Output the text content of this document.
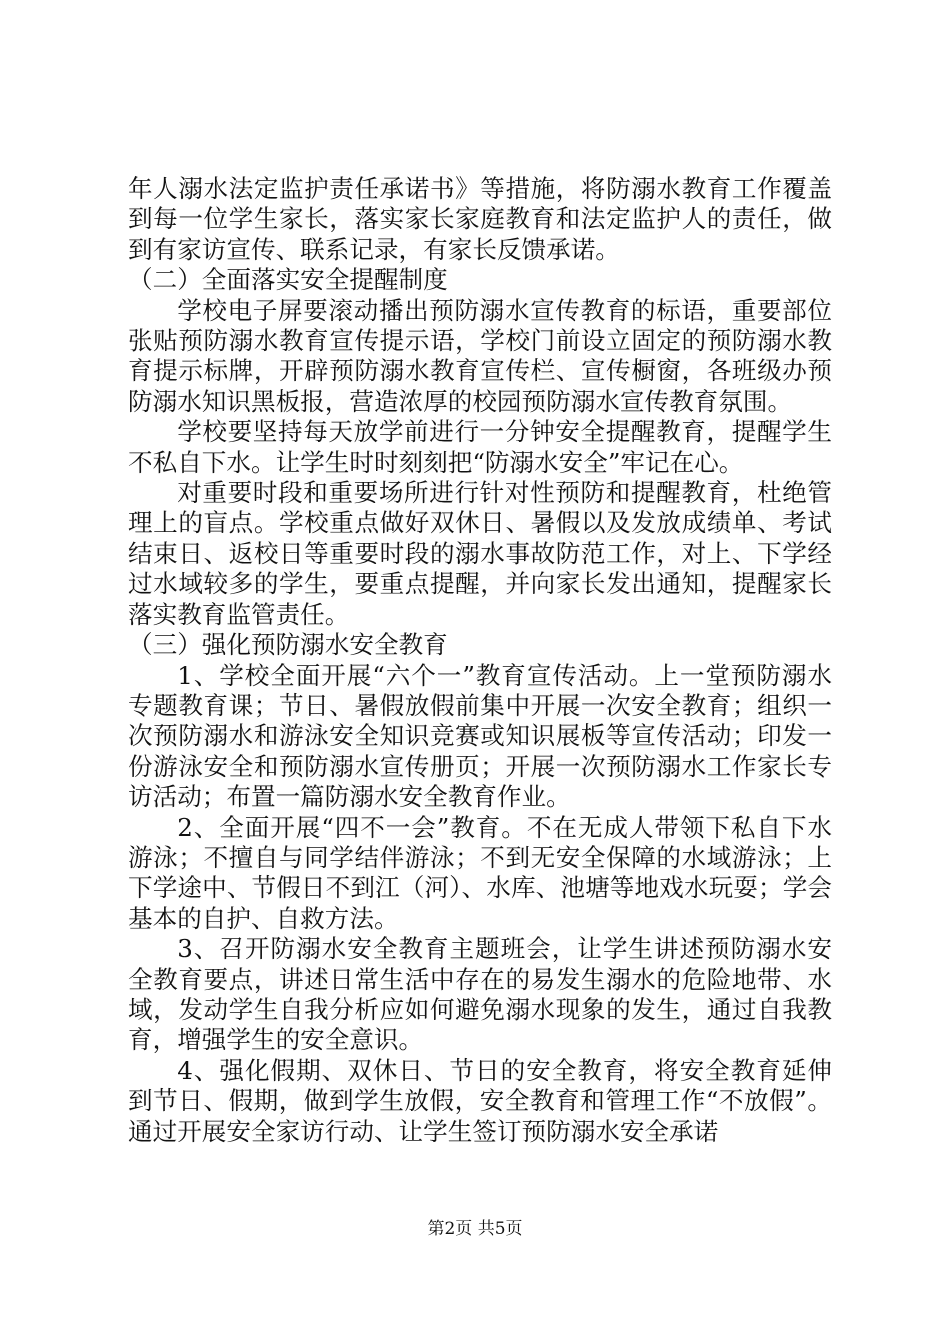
年人溺水法定监护责任承诺书》等措施，将防溺水教育工作覆盖到每一位学生家长，落实家长家庭教育和法定监护人的责任，做到有家访宣传、联系记录，有家长反馈承诺。

（二）全面落实安全提醒制度

学校电子屏要滚动播出预防溺水宣传教育的标语，重要部位张贴预防溺水教育宣传提示语，学校门前设立固定的预防溺水教育提示标牌，开辟预防溺水教育宣传栏、宣传橱窗，各班级办预防溺水知识黑板报，营造浓厚的校园预防溺水宣传教育氛围。

学校要坚持每天放学前进行一分钟安全提醒教育，提醒学生不私自下水。让学生时时刻刻把“防溺水安全”牢记在心。

对重要时段和重要场所进行针对性预防和提醒教育，杜绝管理上的盲点。学校重点做好双休日、暑假以及发放成绩单、考试结束日、返校日等重要时段的溺水事故防范工作，对上、下学经过水域较多的学生，要重点提醒，并向家长发出通知，提醒家长落实教育监管责任。

（三）强化预防溺水安全教育

1、学校全面开展“六个一”教育宣传活动。上一堂预防溺水专题教育课；节日、暑假放假前集中开展一次安全教育；组织一次预防溺水和游泳安全知识竞赛或知识展板等宣传活动；印发一份游泳安全和预防溺水宣传册页；开展一次预防溺水工作家长专访活动；布置一篇防溺水安全教育作业。

2、全面开展“四不一会”教育。不在无成人带领下私自下水游泳；不擅自与同学结伴游泳；不到无安全保障的水域游泳；上下学途中、节假日不到江（河）、水库、池塘等地戏水玩耍；学会基本的自护、自救方法。

3、召开防溺水安全教育主题班会，让学生讲述预防溺水安全教育要点，讲述日常生活中存在的易发生溺水的危险地带、水域，发动学生自我分析应如何避免溺水现象的发生，通过自我教育，增强学生的安全意识。

4、强化假期、双休日、节日的安全教育，将安全教育延伸到节日、假期，做到学生放假，安全教育和管理工作“不放假”。通过开展安全家访行动、让学生签订预防溺水安全承诺

第2页 共5页
